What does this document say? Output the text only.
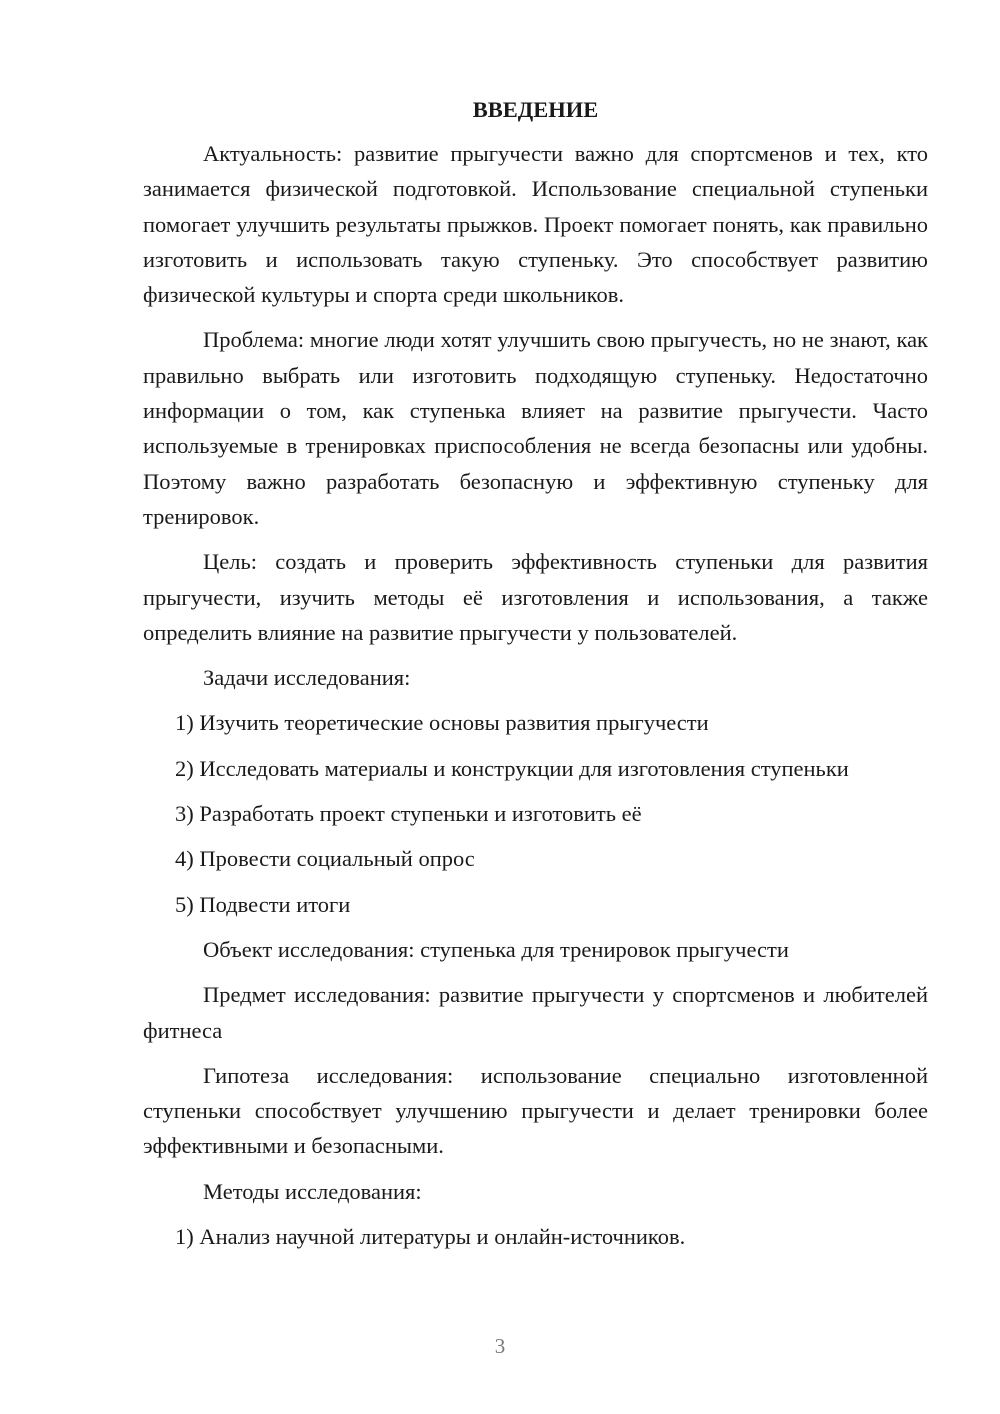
ВВЕДЕНИЕ

Актуальность: развитие прыгучести важно для спортсменов и тех, кто занимается физической подготовкой. Использование специальной ступеньки помогает улучшить результаты прыжков. Проект помогает понять, как правильно изготовить и использовать такую ступеньку. Это способствует развитию физической культуры и спорта среди школьников.

Проблема: многие люди хотят улучшить свою прыгучесть, но не знают, как правильно выбрать или изготовить подходящую ступеньку. Недостаточно информации о том, как ступенька влияет на развитие прыгучести. Часто используемые в тренировках приспособления не всегда безопасны или удобны. Поэтому важно разработать безопасную и эффективную ступеньку для тренировок.

Цель: создать и проверить эффективность ступеньки для развития прыгучести, изучить методы её изготовления и использования, а также определить влияние на развитие прыгучести у пользователей.

Задачи исследования:

1) Изучить теоретические основы развития прыгучести
2) Исследовать материалы и конструкции для изготовления ступеньки
3) Разработать проект ступеньки и изготовить её
4) Провести социальный опрос
5) Подвести итоги

Объект исследования: ступенька для тренировок прыгучести

Предмет исследования: развитие прыгучести у спортсменов и любителей фитнеса

Гипотеза исследования: использование специально изготовленной ступеньки способствует улучшению прыгучести и делает тренировки более эффективными и безопасными.

Методы исследования:

1) Анализ научной литературы и онлайн-источников.
3
